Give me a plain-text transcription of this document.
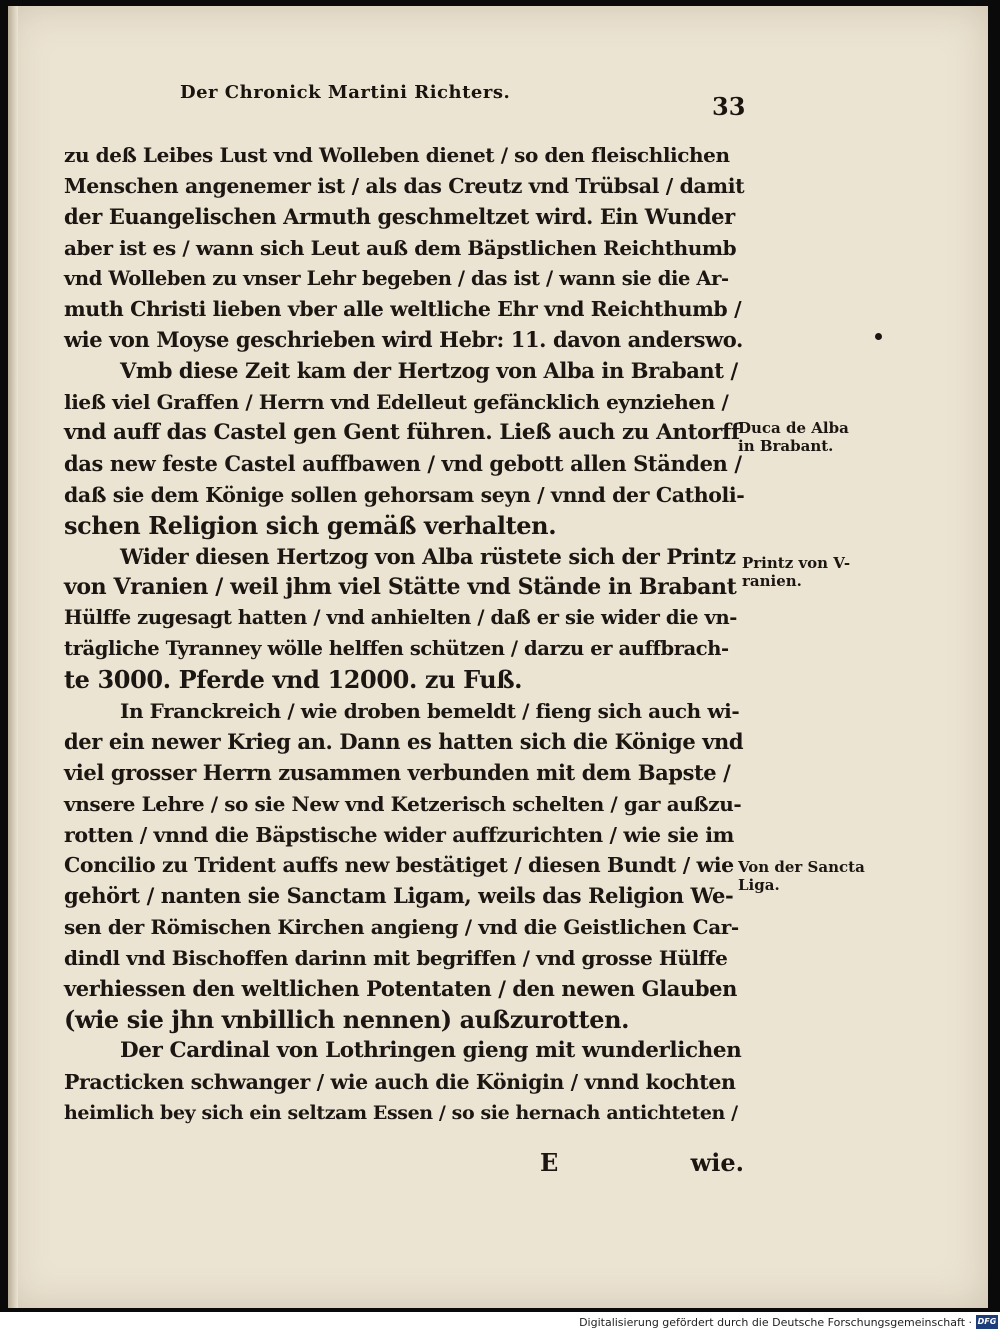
Der Chronick Martini Richters.	33
zu deß Leibes Lust vnd Wolleben dienet / so den fleischlichen
Menschen angenemer ist / als das Creutz vnd Trübsal / damit
der Euangelischen Armuth geschmeltzet wird. Ein Wunder
aber ist es / wann sich Leut auß dem Bäpstlichen Reichthumb
vnd Wolleben zu vnser Lehr begeben / das ist / wann sie die Ar-
muth Christi lieben vber alle weltliche Ehr vnd Reichthumb /
wie von Moyse geschrieben wird Hebr: 11. davon anderswo.
Vmb diese Zeit kam der Hertzog von Alba in Brabant /
ließ viel Graffen / Herrn vnd Edelleut gefäncklich eynziehen /
vnd auff das Castel gen Gent führen. Ließ auch zu Antorff
das new feste Castel auffbawen / vnd gebott allen Ständen /
daß sie dem Könige sollen gehorsam seyn / vnnd der Catholi-
schen Religion sich gemäß verhalten.
Wider diesen Hertzog von Alba rüstete sich der Printz
von Vranien / weil jhm viel Stätte vnd Stände in Brabant
Hülffe zugesagt hatten / vnd anhielten / daß er sie wider die vn-
trägliche Tyranney wölle helffen schützen / darzu er auffbrach-
te 3000. Pferde vnd 12000. zu Fuß.
In Franckreich / wie droben bemeldt / fieng sich auch wi-
der ein newer Krieg an. Dann es hatten sich die Könige vnd
viel grosser Herrn zusammen verbunden mit dem Bapste /
vnsere Lehre / so sie New vnd Ketzerisch schelten / gar außzu-
rotten / vnnd die Bäpstische wider auffzurichten / wie sie im
Concilio zu Trident auffs new bestätiget / diesen Bundt / wie
gehört / nanten sie Sanctam Ligam, weils das Religion We-
sen der Römischen Kirchen angieng / vnd die Geistlichen Car-
dindl vnd Bischoffen darinn mit begriffen / vnd grosse Hülffe
verhiessen den weltlichen Potentaten / den newen Glauben
(wie sie jhn vnbillich nennen) außzurotten.
Der Cardinal von Lothringen gieng mit wunderlichen
Practicken schwanger / wie auch die Königin / vnnd kochten
heimlich bey sich ein seltzam Essen / so sie hernach antichteten /
E	wie.
Duca de Alba
in Brabant.
Printz von V-
ranien.
Von der Sancta
Liga.
Digitalisierung gefördert durch die Deutsche Forschungsgemeinschaft · DFG
